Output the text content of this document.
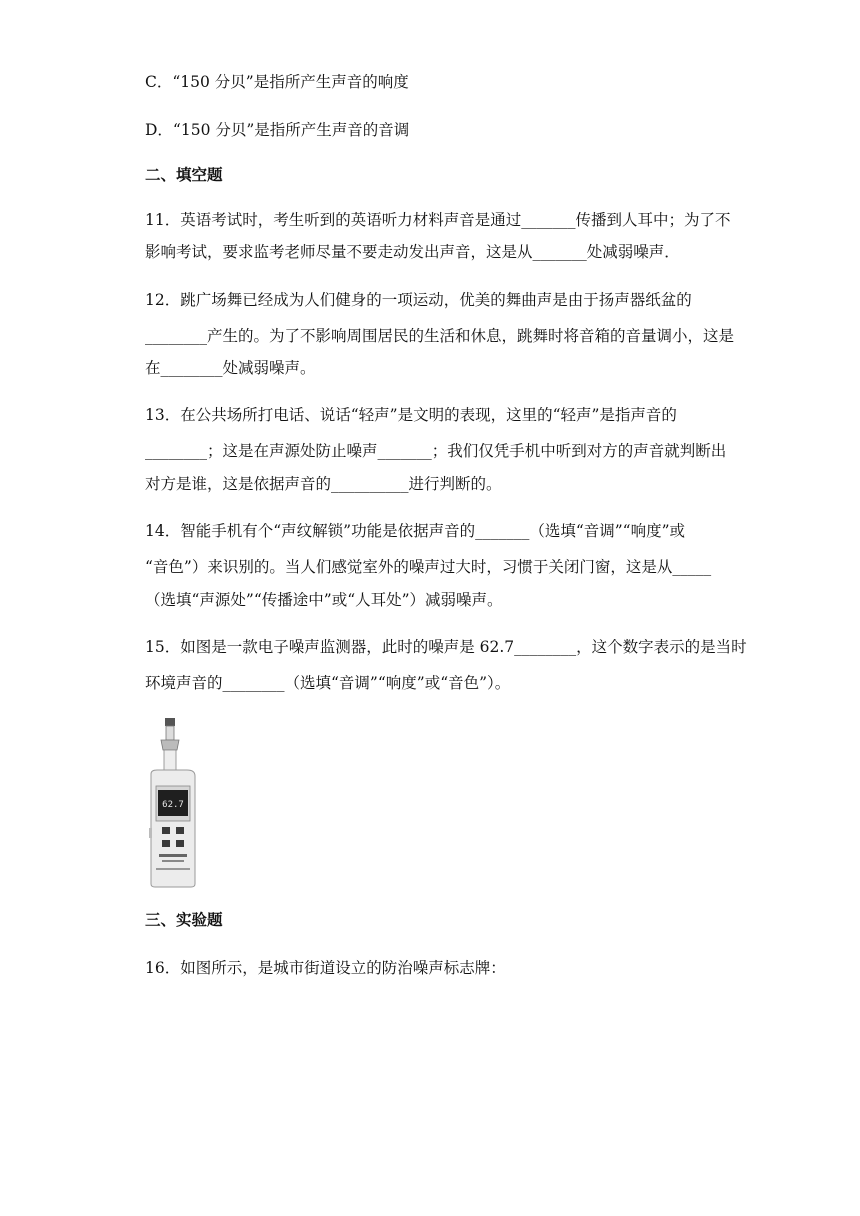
C．“150 分贝”是指所产生声音的响度
D．“150 分贝”是指所产生声音的音调
二、填空题
11．英语考试时，考生听到的英语听力材料声音是通过_______传播到人耳中；为了不
影响考试，要求监考老师尽量不要走动发出声音，这是从_______处减弱噪声．
12．跳广场舞已经成为人们健身的一项运动，优美的舞曲声是由于扬声器纸盆的
________产生的。为了不影响周围居民的生活和休息，跳舞时将音箱的音量调小，这是
在________处减弱噪声。
13．在公共场所打电话、说话“轻声”是文明的表现，这里的“轻声”是指声音的
________；这是在声源处防止噪声_______；我们仅凭手机中听到对方的声音就判断出
对方是谁，这是依据声音的__________进行判断的。
14．智能手机有个“声纹解锁”功能是依据声音的_______（选填“音调”“响度”或
“音色”）来识别的。当人们感觉室外的噪声过大时，习惯于关闭门窗，这是从_____
（选填“声源处”“传播途中”或“人耳处”）减弱噪声。
15．如图是一款电子噪声监测器，此时的噪声是 62.7________，这个数字表示的是当时
环境声音的________（选填“音调”“响度”或“音色”）。
62.7
三、实验题
16．如图所示，是城市街道设立的防治噪声标志牌：
